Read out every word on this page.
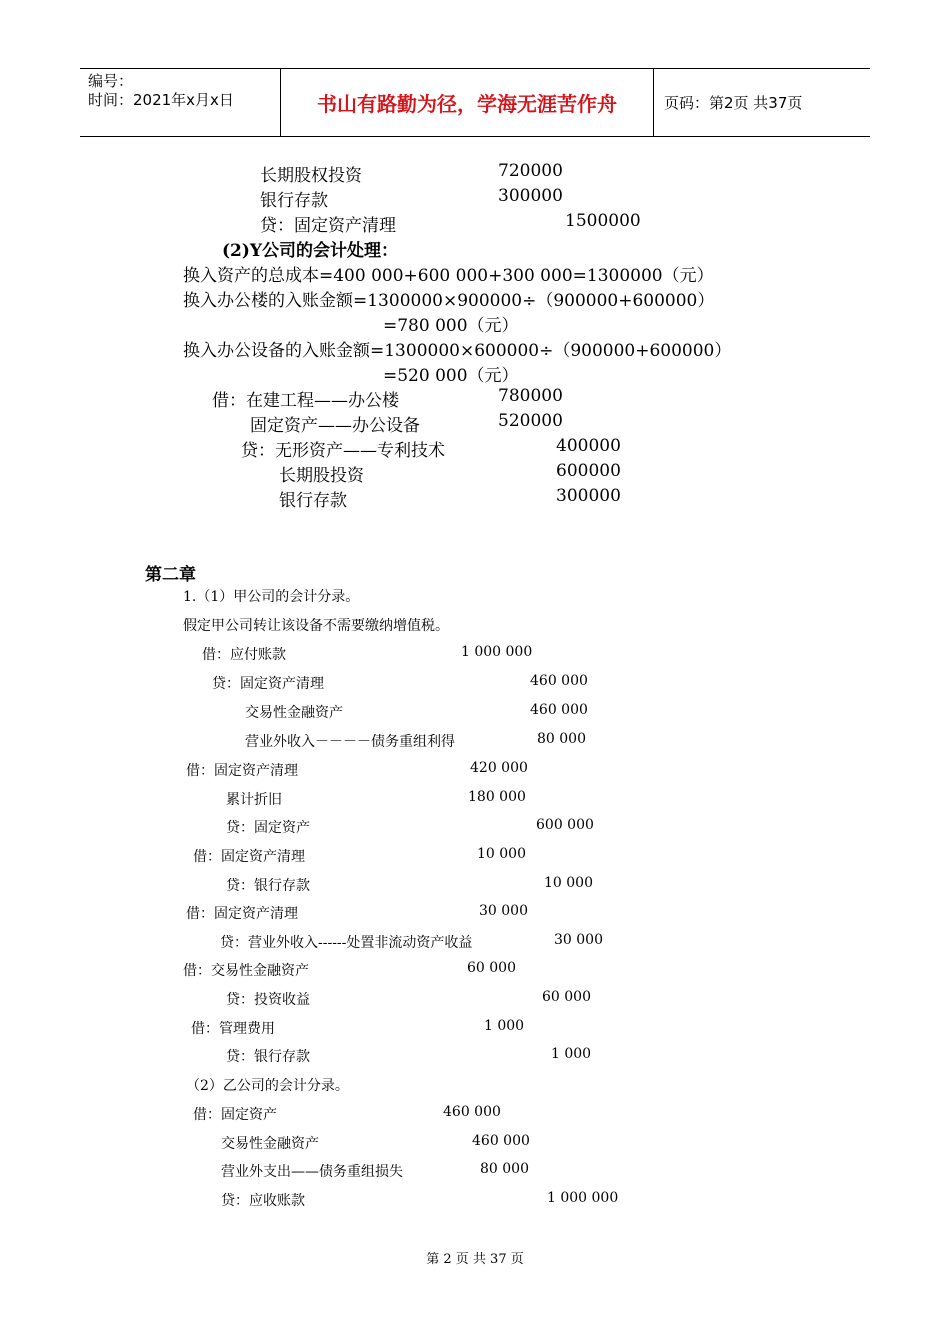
编号：
时间：2021年x月x日	书山有路勤为径，学海无涯苦作舟	页码：第2页 共37页
长期股权投资	720000
银行存款	300000
贷：固定资产清理	1500000
(2)Y公司的会计处理：
换入资产的总成本=400 000+600 000+300 000=1300000（元）
换入办公楼的入账金额=1300000×900000÷（900000+600000）
=780 000（元）
换入办公设备的入账金额=1300000×600000÷（900000+600000）
=520 000（元）
借：在建工程——办公楼	780000
固定资产——办公设备	520000
贷：无形资产——专利技术	400000
长期股投资	600000
银行存款	300000
第二章
1.（1）甲公司的会计分录。
假定甲公司转让该设备不需要缴纳增值税。
借：应付账款	1 000 000
贷：固定资产清理	460 000
交易性金融资产	460 000
营业外收入－－－－债务重组利得	80 000
借：固定资产清理	420 000
累计折旧	180 000
贷：固定资产	600 000
借：固定资产清理	10 000
贷：银行存款	10 000
借：固定资产清理	30 000
贷：营业外收入------处置非流动资产收益	30 000
借：交易性金融资产	60 000
贷：投资收益	60 000
借：管理费用	1 000
贷：银行存款	1 000
（2）乙公司的会计分录。
借：固定资产	460 000
交易性金融资产	460 000
营业外支出——债务重组损失	80 000
贷：应收账款	1 000 000
第 2 页 共 37 页
